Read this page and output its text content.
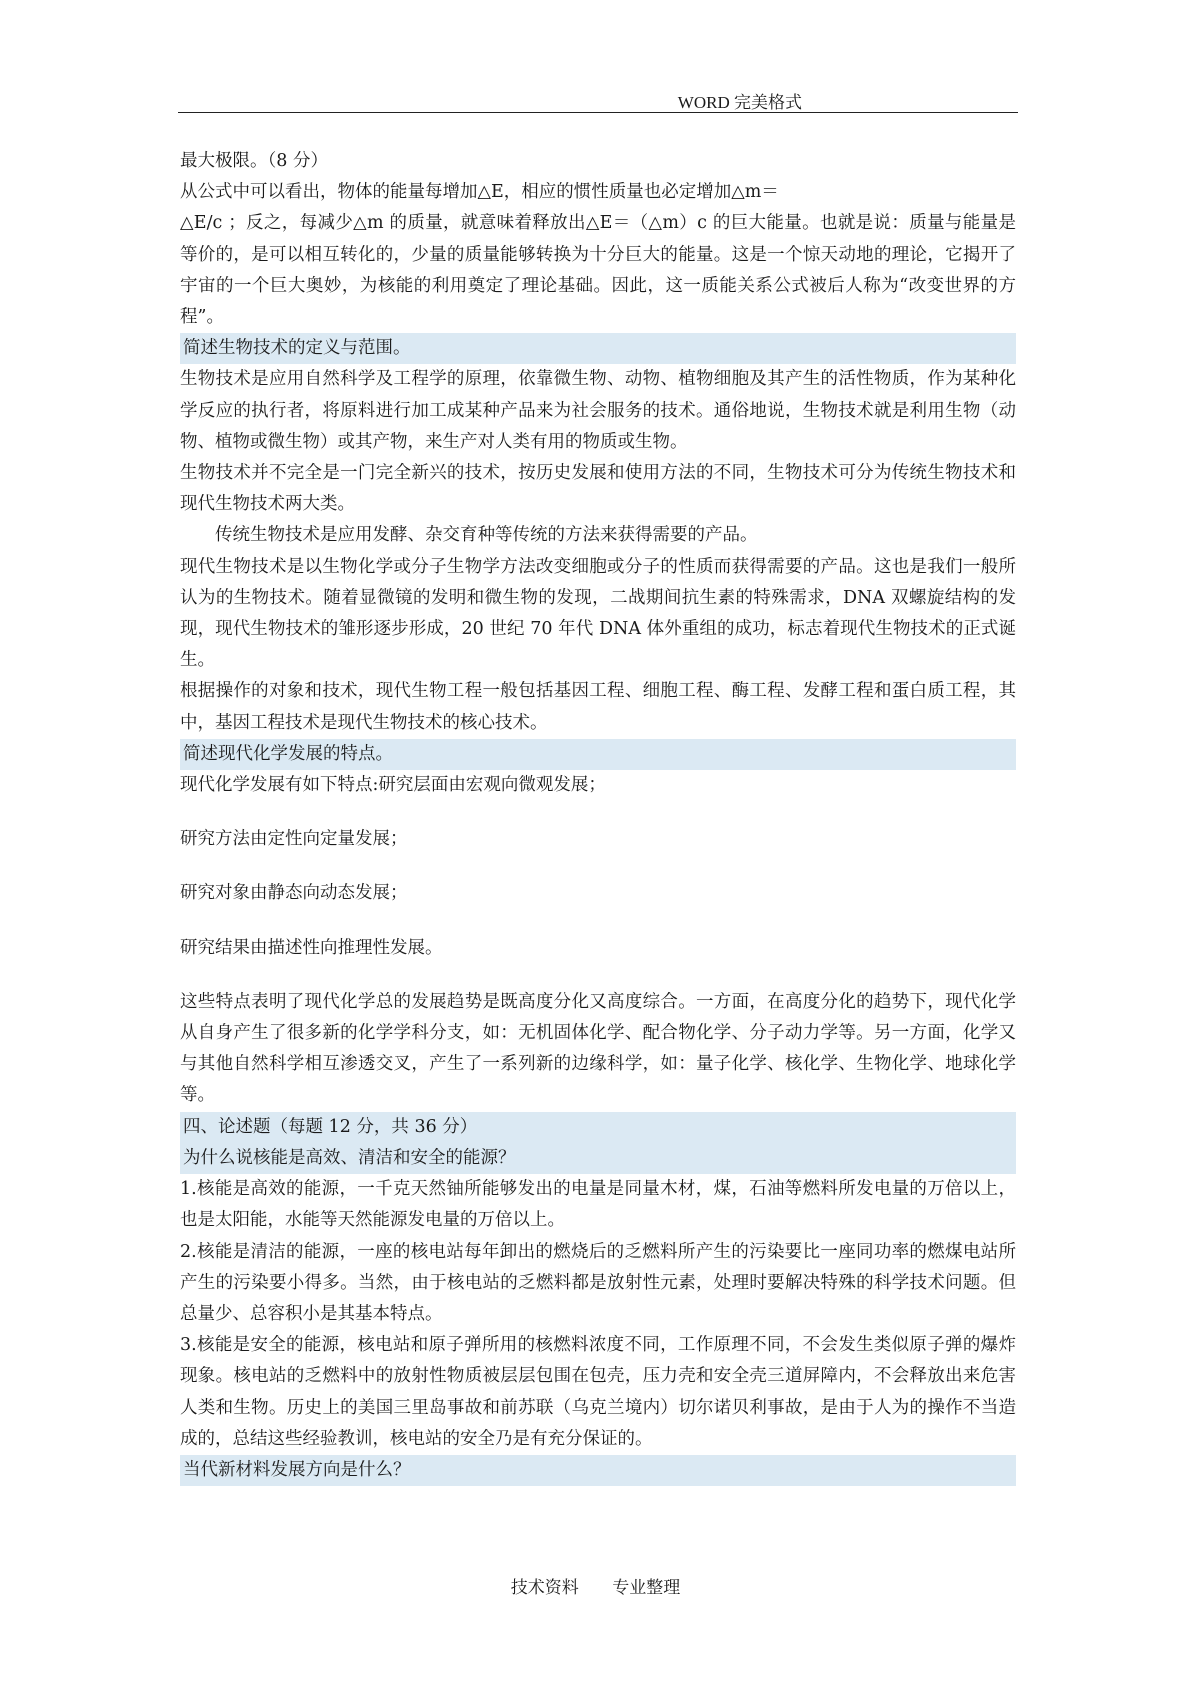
WORD 完美格式

最大极限。（8 分）

从公式中可以看出，物体的能量每增加△E，相应的惯性质量也必定增加△m＝

△E/c ；反之，每减少△m 的质量，就意味着释放出△E＝（△m）c 的巨大能量。也就是说：质量与能量是等价的，是可以相互转化的，少量的质量能够转换为十分巨大的能量。这是一个惊天动地的理论，它揭开了宇宙的一个巨大奥妙，为核能的利用奠定了理论基础。因此，这一质能关系公式被后人称为“改变世界的方程”。

简述生物技术的定义与范围。

生物技术是应用自然科学及工程学的原理，依靠微生物、动物、植物细胞及其产生的活性物质，作为某种化学反应的执行者，将原料进行加工成某种产品来为社会服务的技术。通俗地说，生物技术就是利用生物（动物、植物或微生物）或其产物，来生产对人类有用的物质或生物。

生物技术并不完全是一门完全新兴的技术，按历史发展和使用方法的不同，生物技术可分为传统生物技术和现代生物技术两大类。

传统生物技术是应用发酵、杂交育种等传统的方法来获得需要的产品。

现代生物技术是以生物化学或分子生物学方法改变细胞或分子的性质而获得需要的产品。这也是我们一般所认为的生物技术。随着显微镜的发明和微生物的发现，二战期间抗生素的特殊需求，DNA 双螺旋结构的发现，现代生物技术的雏形逐步形成，20 世纪 70 年代 DNA 体外重组的成功，标志着现代生物技术的正式诞生。

根据操作的对象和技术，现代生物工程一般包括基因工程、细胞工程、酶工程、发酵工程和蛋白质工程，其中，基因工程技术是现代生物技术的核心技术。

简述现代化学发展的特点。

现代化学发展有如下特点:研究层面由宏观向微观发展；

研究方法由定性向定量发展；

研究对象由静态向动态发展；

研究结果由描述性向推理性发展。

这些特点表明了现代化学总的发展趋势是既高度分化又高度综合。一方面，在高度分化的趋势下，现代化学从自身产生了很多新的化学学科分支，如：无机固体化学、配合物化学、分子动力学等。另一方面，化学又与其他自然科学相互渗透交叉，产生了一系列新的边缘科学，如：量子化学、核化学、生物化学、地球化学等。

四、论述题（每题 12 分，共 36 分）

为什么说核能是高效、清洁和安全的能源？

1.核能是高效的能源，一千克天然铀所能够发出的电量是同量木材，煤，石油等燃料所发电量的万倍以上，也是太阳能，水能等天然能源发电量的万倍以上。

2.核能是清洁的能源，一座的核电站每年卸出的燃烧后的乏燃料所产生的污染要比一座同功率的燃煤电站所产生的污染要小得多。当然，由于核电站的乏燃料都是放射性元素，处理时要解决特殊的科学技术问题。但总量少、总容积小是其基本特点。

3.核能是安全的能源，核电站和原子弹所用的核燃料浓度不同，工作原理不同，不会发生类似原子弹的爆炸现象。核电站的乏燃料中的放射性物质被层层包围在包壳，压力壳和安全壳三道屏障内，不会释放出来危害人类和生物。历史上的美国三里岛事故和前苏联（乌克兰境内）切尔诺贝利事故，是由于人为的操作不当造成的，总结这些经验教训，核电站的安全乃是有充分保证的。

当代新材料发展方向是什么？

技术资料 专业整理
